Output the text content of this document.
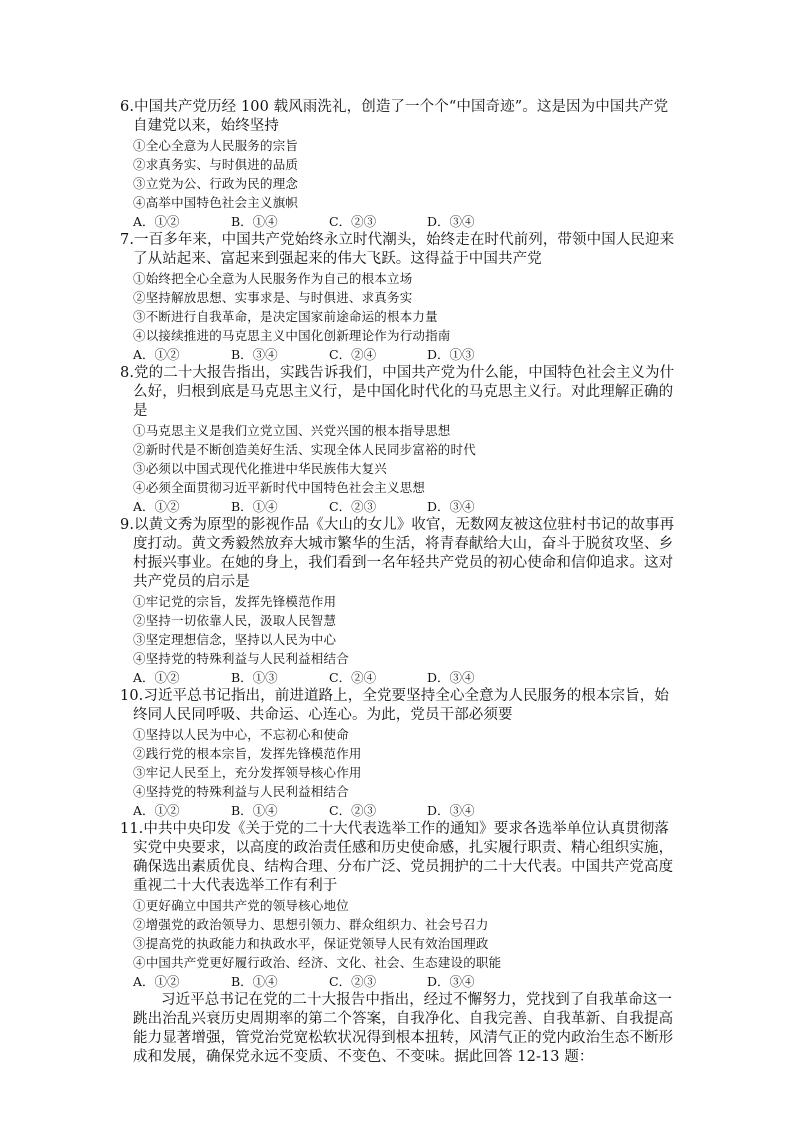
6.中国共产党历经 100 载风雨洗礼，创造了一个个“中国奇迹”。这是因为中国共产党自建党以来，始终坚持

①全心全意为人民服务的宗旨

②求真务实、与时俱进的品质

③立党为公、行政为民的理念

④高举中国特色社会主义旗帜

A．①②	B．①④	C．②③	D．③④

7.一百多年来，中国共产党始终永立时代潮头，始终走在时代前列，带领中国人民迎来了从站起来、富起来到强起来的伟大飞跃。这得益于中国共产党

①始终把全心全意为人民服务作为自己的根本立场

②坚持解放思想、实事求是、与时俱进、求真务实

③不断进行自我革命，是决定国家前途命运的根本力量

④以接续推进的马克思主义中国化创新理论作为行动指南

A．①②	B．③④	C．②④	D．①③

8.党的二十大报告指出，实践告诉我们，中国共产党为什么能，中国特色社会主义为什么好，归根到底是马克思主义行，是中国化时代化的马克思主义行。对此理解正确的是

①马克思主义是我们立党立国、兴党兴国的根本指导思想

②新时代是不断创造美好生活、实现全体人民同步富裕的时代

③必须以中国式现代化推进中华民族伟大复兴

④必须全面贯彻习近平新时代中国特色社会主义思想

A．①②	B．①④	C．②③	D．③④

9.以黄文秀为原型的影视作品《大山的女儿》收官，无数网友被这位驻村书记的故事再度打动。黄文秀毅然放弃大城市繁华的生活，将青春献给大山，奋斗于脱贫攻坚、乡村振兴事业。在她的身上，我们看到一名年轻共产党员的初心使命和信仰追求。这对共产党员的启示是

①牢记党的宗旨，发挥先锋模范作用

②坚持一切依靠人民，汲取人民智慧

③坚定理想信念，坚持以人民为中心

④坚持党的特殊利益与人民利益相结合

A．①②	B．①③	C．②④	D．③④

10.习近平总书记指出，前进道路上，全党要坚持全心全意为人民服务的根本宗旨，始终同人民同呼吸、共命运、心连心。为此，党员干部必须要

①坚持以人民为中心，不忘初心和使命

②践行党的根本宗旨，发挥先锋模范作用

③牢记人民至上，充分发挥领导核心作用

④坚持党的特殊利益与人民利益相结合

A．①②	B．①④	C．②③	D．③④

11.中共中央印发《关于党的二十大代表选举工作的通知》要求各选举单位认真贯彻落实党中央要求，以高度的政治责任感和历史使命感，扎实履行职责、精心组织实施，确保选出素质优良、结构合理、分布广泛、党员拥护的二十大代表。中国共产党高度重视二十大代表选举工作有利于

①更好确立中国共产党的领导核心地位

②增强党的政治领导力、思想引领力、群众组织力、社会号召力

③提高党的执政能力和执政水平，保证党领导人民有效治国理政

④中国共产党更好履行政治、经济、文化、社会、生态建设的职能

A．①②	B．①④	C．②③	D．③④

习近平总书记在党的二十大报告中指出，经过不懈努力，党找到了自我革命这一跳出治乱兴衰历史周期率的第二个答案，自我净化、自我完善、自我革新、自我提高能力显著增强，管党治党宽松软状况得到根本扭转，风清气正的党内政治生态不断形成和发展，确保党永远不变质、不变色、不变味。据此回答 12-13 题：
